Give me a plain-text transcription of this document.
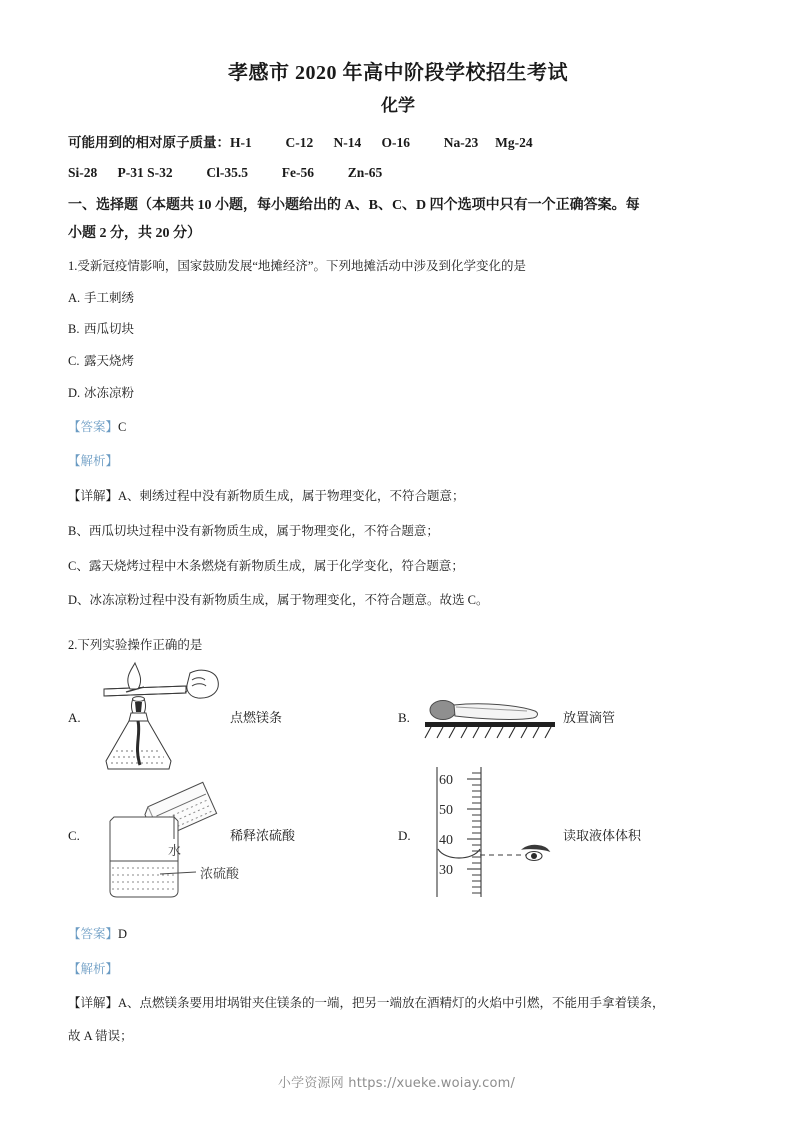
孝感市 2020 年高中阶段学校招生考试
化学
可能用到的相对原子质量：H-1          C-12      N-14      O-16          Na-23     Mg-24
Si-28      P-31 S-32          Cl-35.5          Fe-56          Zn-65
一、选择题（本题共 10 小题，每小题给出的 A、B、C、D 四个选项中只有一个正确答案。每
小题 2 分，共 20 分）
1.受新冠疫情影响，国家鼓励发展“地摊经济”。下列地摊活动中涉及到化学变化的是
A. 手工刺绣
B. 西瓜切块
C. 露天烧烤
D. 冰冻凉粉
【答案】C
【解析】
【详解】A、刺绣过程中没有新物质生成，属于物理变化，不符合题意；
B、西瓜切块过程中没有新物质生成，属于物理变化，不符合题意；
C、露天烧烤过程中木条燃烧有新物质生成，属于化学变化，符合题意；
D、冰冻凉粉过程中没有新物质生成，属于物理变化，不符合题意。故选 C。
2.下列实验操作正确的是
A.	点燃镁条	B.	放置滴管
C.
水
浓硫酸
稀释浓硫酸	D.
60
50
40
30
读取液体体积
【答案】D
【解析】
【详解】A、点燃镁条要用坩埚钳夹住镁条的一端，把另一端放在酒精灯的火焰中引燃，不能用手拿着镁条，
故 A 错误；
小学资源网 https://xueke.woiay.com/
